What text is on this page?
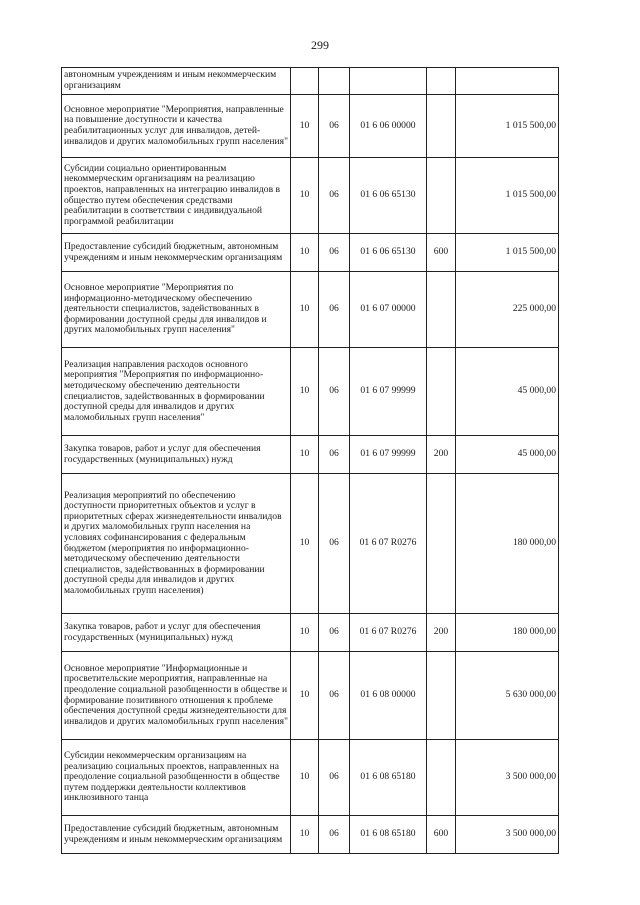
299
автономным учреждениям и иным некоммерческим организациям					
Основное мероприятие "Мероприятия, направленные на повышение доступности и качества реабилитационных услуг для инвалидов, детей-инвалидов и других маломобильных групп населения"	10	06	01 6 06 00000		1 015 500,00
Субсидии социально ориентированным некоммерческим организациям на реализацию проектов, направленных на интеграцию инвалидов в общество путем обеспечения средствами реабилитации в соответствии с индивидуальной программой реабилитации	10	06	01 6 06 65130		1 015 500,00
Предоставление субсидий бюджетным, автономным учреждениям и иным некоммерческим организациям	10	06	01 6 06 65130	600	1 015 500,00
Основное мероприятие "Мероприятия по информационно-методическому обеспечению деятельности специалистов, задействованных в формировании доступной среды для инвалидов и других маломобильных групп населения"	10	06	01 6 07 00000		225 000,00
Реализация направления расходов основного мероприятия "Мероприятия по информационно-методическому обеспечению деятельности специалистов, задействованных в формировании доступной среды для инвалидов и других маломобильных групп населения"	10	06	01 6 07 99999		45 000,00
Закупка товаров, работ и услуг для обеспечения государственных (муниципальных) нужд	10	06	01 6 07 99999	200	45 000,00
Реализация мероприятий по обеспечению доступности приоритетных объектов и услуг в приоритетных сферах жизнедеятельности инвалидов и других маломобильных групп населения на условиях софинансирования с федеральным бюджетом (мероприятия по информационно-методическому обеспечению деятельности специалистов, задействованных в формировании доступной среды для инвалидов и других маломобильных групп населения)	10	06	01 6 07 R0276		180 000,00
Закупка товаров, работ и услуг для обеспечения государственных (муниципальных) нужд	10	06	01 6 07 R0276	200	180 000,00
Основное мероприятие "Информационные и просветительские мероприятия, направленные на преодоление социальной разобщенности в обществе и формирование позитивного отношения к проблеме обеспечения доступной среды жизнедеятельности для инвалидов и других маломобильных групп населения"	10	06	01 6 08 00000		5 630 000,00
Субсидии некоммерческим организациям на реализацию социальных проектов, направленных на преодоление социальной разобщенности в обществе путем поддержки деятельности коллективов инклюзивного танца	10	06	01 6 08 65180		3 500 000,00
Предоставление субсидий бюджетным, автономным учреждениям и иным некоммерческим организациям	10	06	01 6 08 65180	600	3 500 000,00
